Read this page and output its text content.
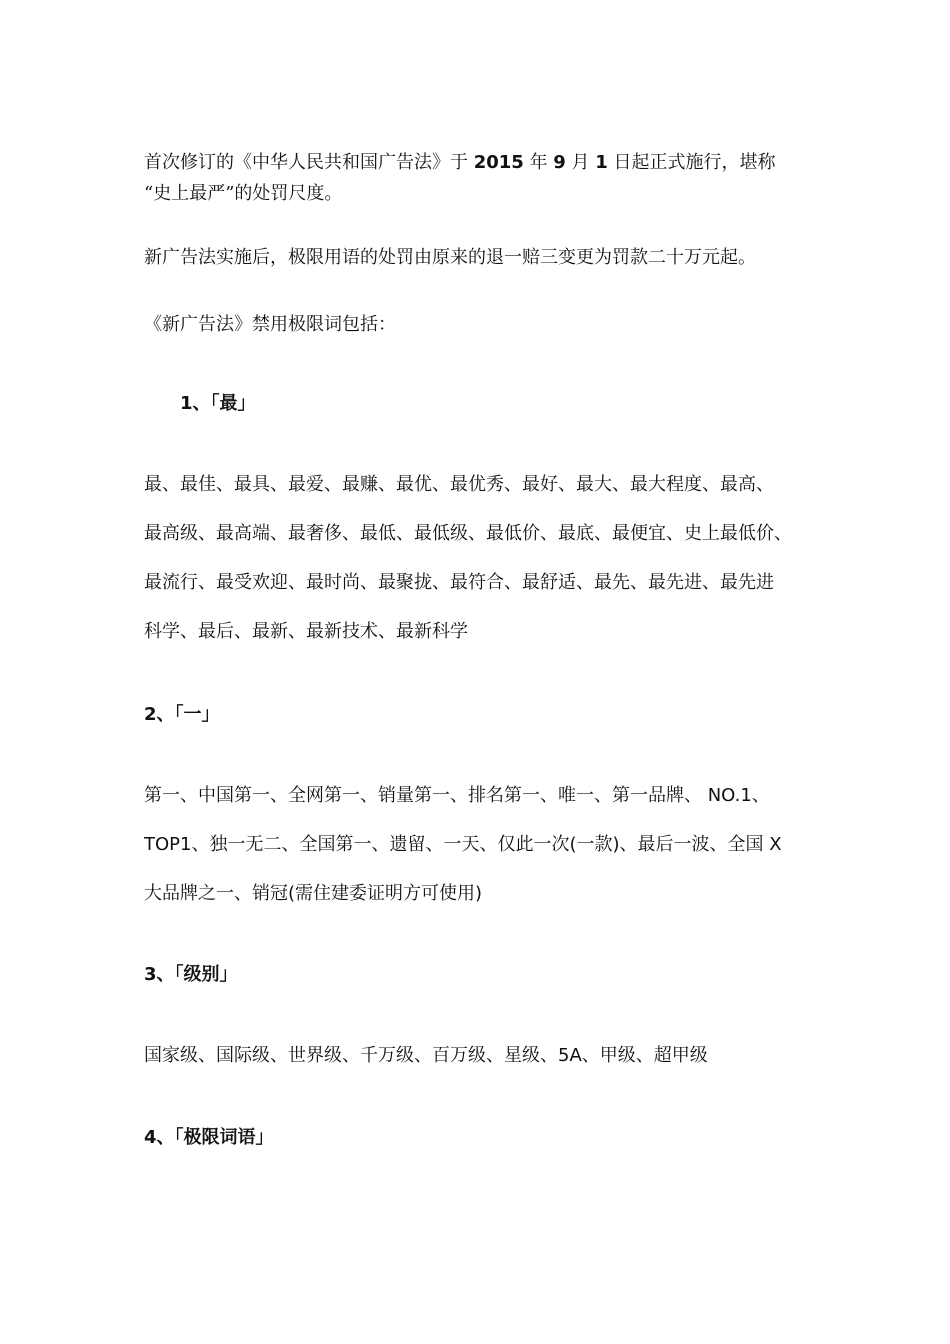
首次修订的《中华人民共和国广告法》于 2015 年 9 月 1 日起正式施行，堪称
“史上最严”的处罚尺度。

新广告法实施后，极限用语的处罚由原来的退一赔三变更为罚款二十万元起。

《新广告法》禁用极限词包括：

1、「最」
最、最佳、最具、最爱、最赚、最优、最优秀、最好、最大、最大程度、最高、
最高级、最高端、最奢侈、最低、最低级、最低价、最底、最便宜、史上最低价、
最流行、最受欢迎、最时尚、最聚拢、最符合、最舒适、最先、最先进、最先进
科学、最后、最新、最新技术、最新科学
2、「一」
第一、中国第一、全网第一、销量第一、排名第一、唯一、第一品牌、 NO.1、
TOP1、独一无二、全国第一、遗留、一天、仅此一次(一款)、最后一波、全国 X
大品牌之一、销冠(需住建委证明方可使用)
3、「级别」
国家级、国际级、世界级、千万级、百万级、星级、5A、甲级、超甲级
4、「极限词语」
